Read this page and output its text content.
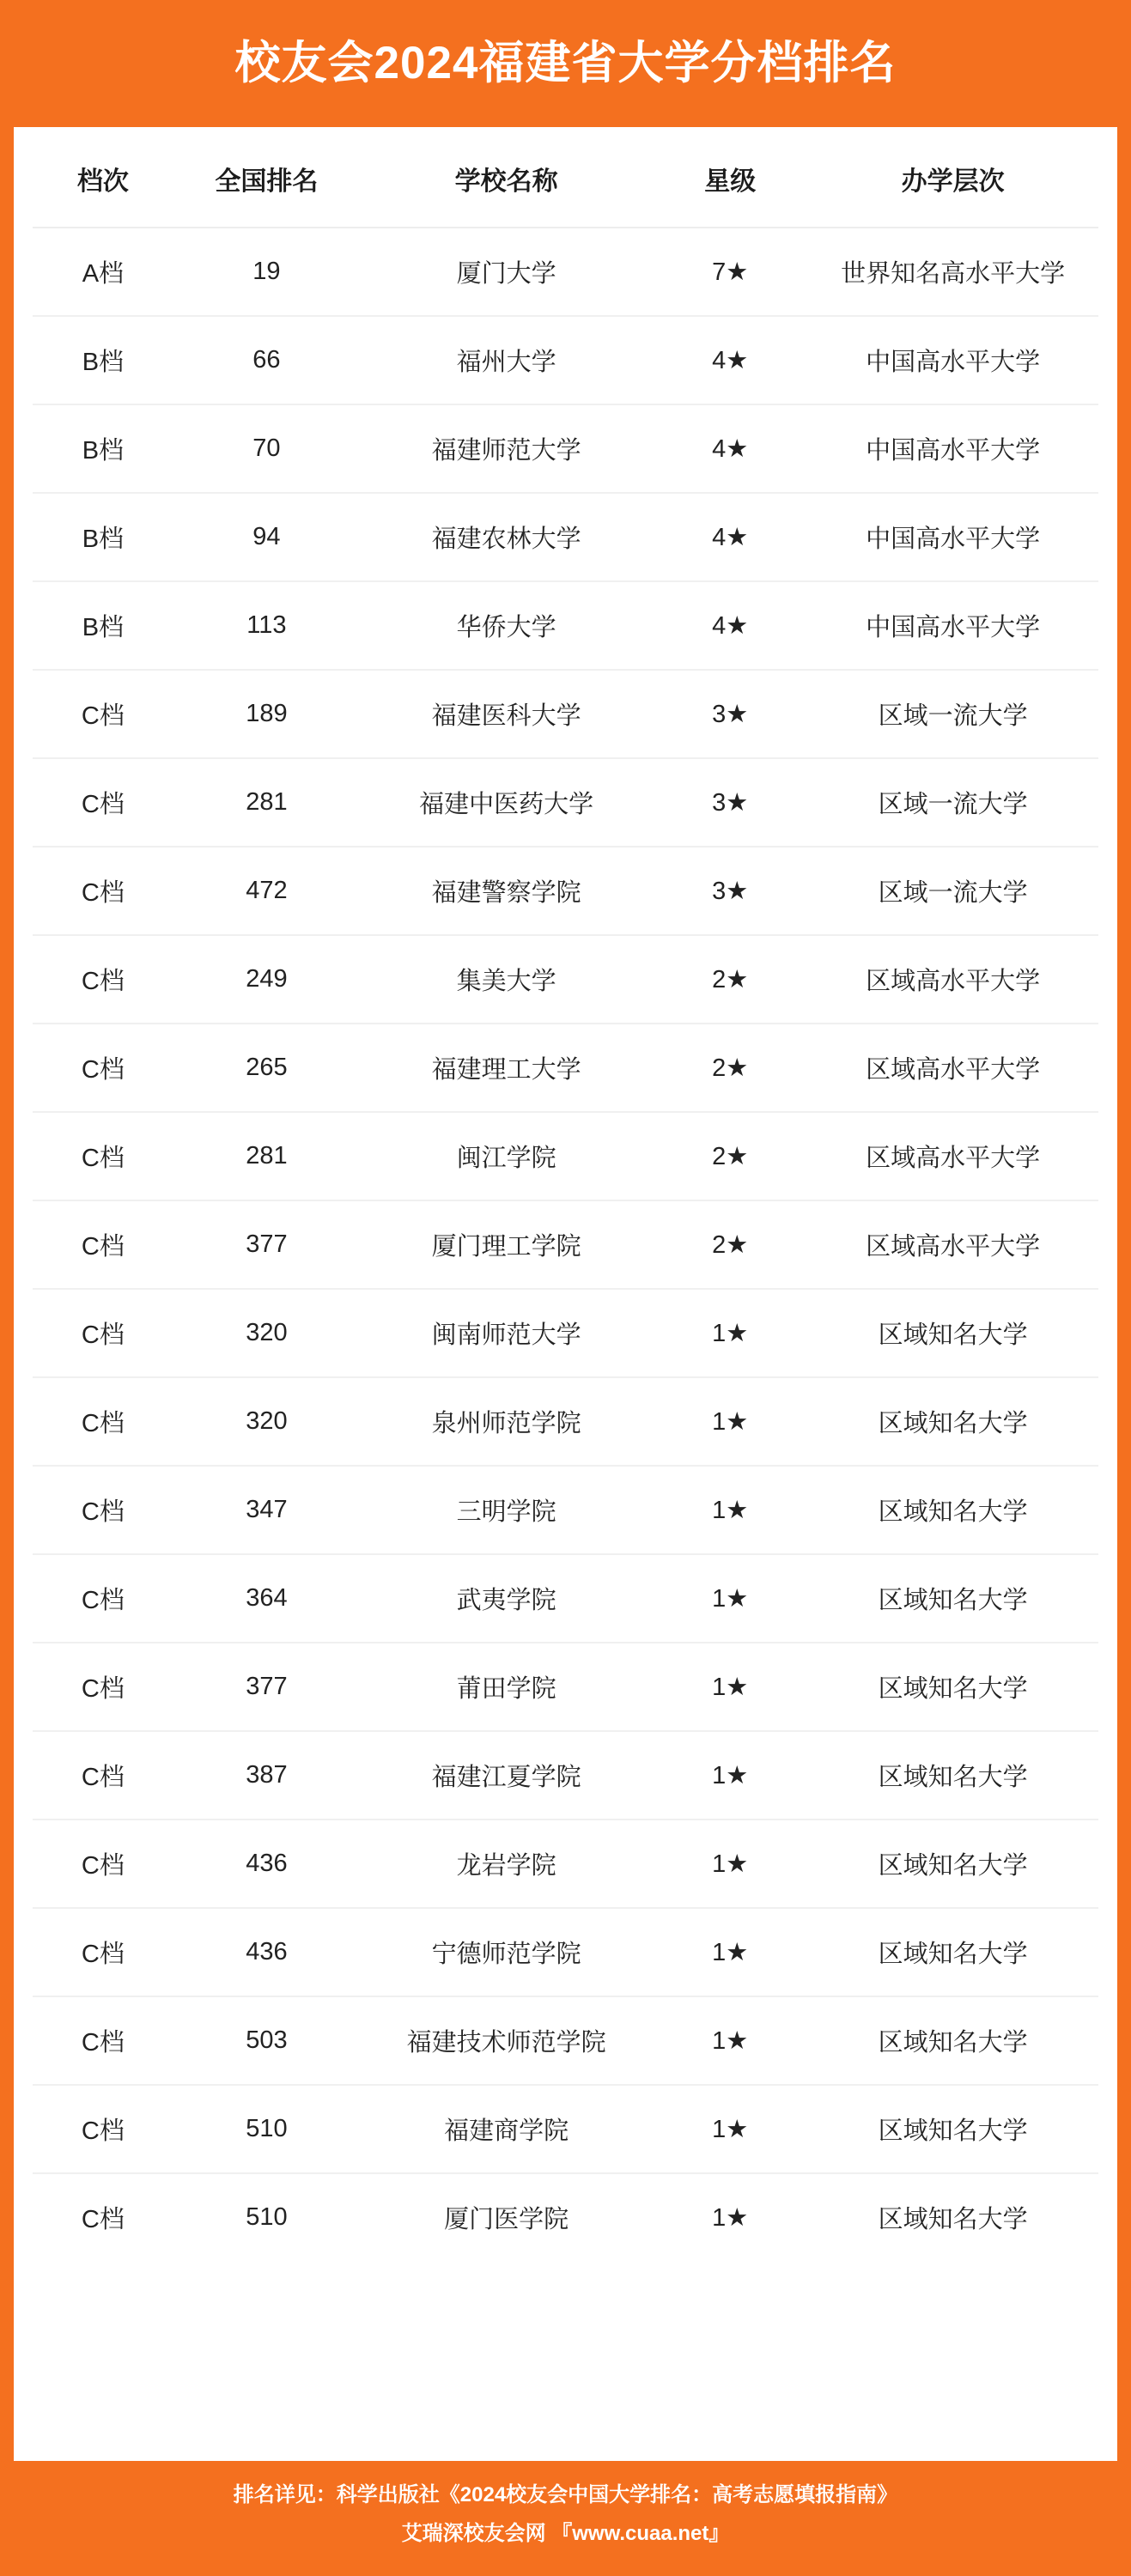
校友会2024福建省大学分档排名
档次	全国排名	学校名称	星级	办学层次
A档	19	厦门大学	7★	世界知名高水平大学
B档	66	福州大学	4★	中国高水平大学
B档	70	福建师范大学	4★	中国高水平大学
B档	94	福建农林大学	4★	中国高水平大学
B档	113	华侨大学	4★	中国高水平大学
C档	189	福建医科大学	3★	区域一流大学
C档	281	福建中医药大学	3★	区域一流大学
C档	472	福建警察学院	3★	区域一流大学
C档	249	集美大学	2★	区域高水平大学
C档	265	福建理工大学	2★	区域高水平大学
C档	281	闽江学院	2★	区域高水平大学
C档	377	厦门理工学院	2★	区域高水平大学
C档	320	闽南师范大学	1★	区域知名大学
C档	320	泉州师范学院	1★	区域知名大学
C档	347	三明学院	1★	区域知名大学
C档	364	武夷学院	1★	区域知名大学
C档	377	莆田学院	1★	区域知名大学
C档	387	福建江夏学院	1★	区域知名大学
C档	436	龙岩学院	1★	区域知名大学
C档	436	宁德师范学院	1★	区域知名大学
C档	503	福建技术师范学院	1★	区域知名大学
C档	510	福建商学院	1★	区域知名大学
C档	510	厦门医学院	1★	区域知名大学
排名详见：科学出版社《2024校友会中国大学排名：高考志愿填报指南》
艾瑞深校友会网 『www.cuaa.net』
